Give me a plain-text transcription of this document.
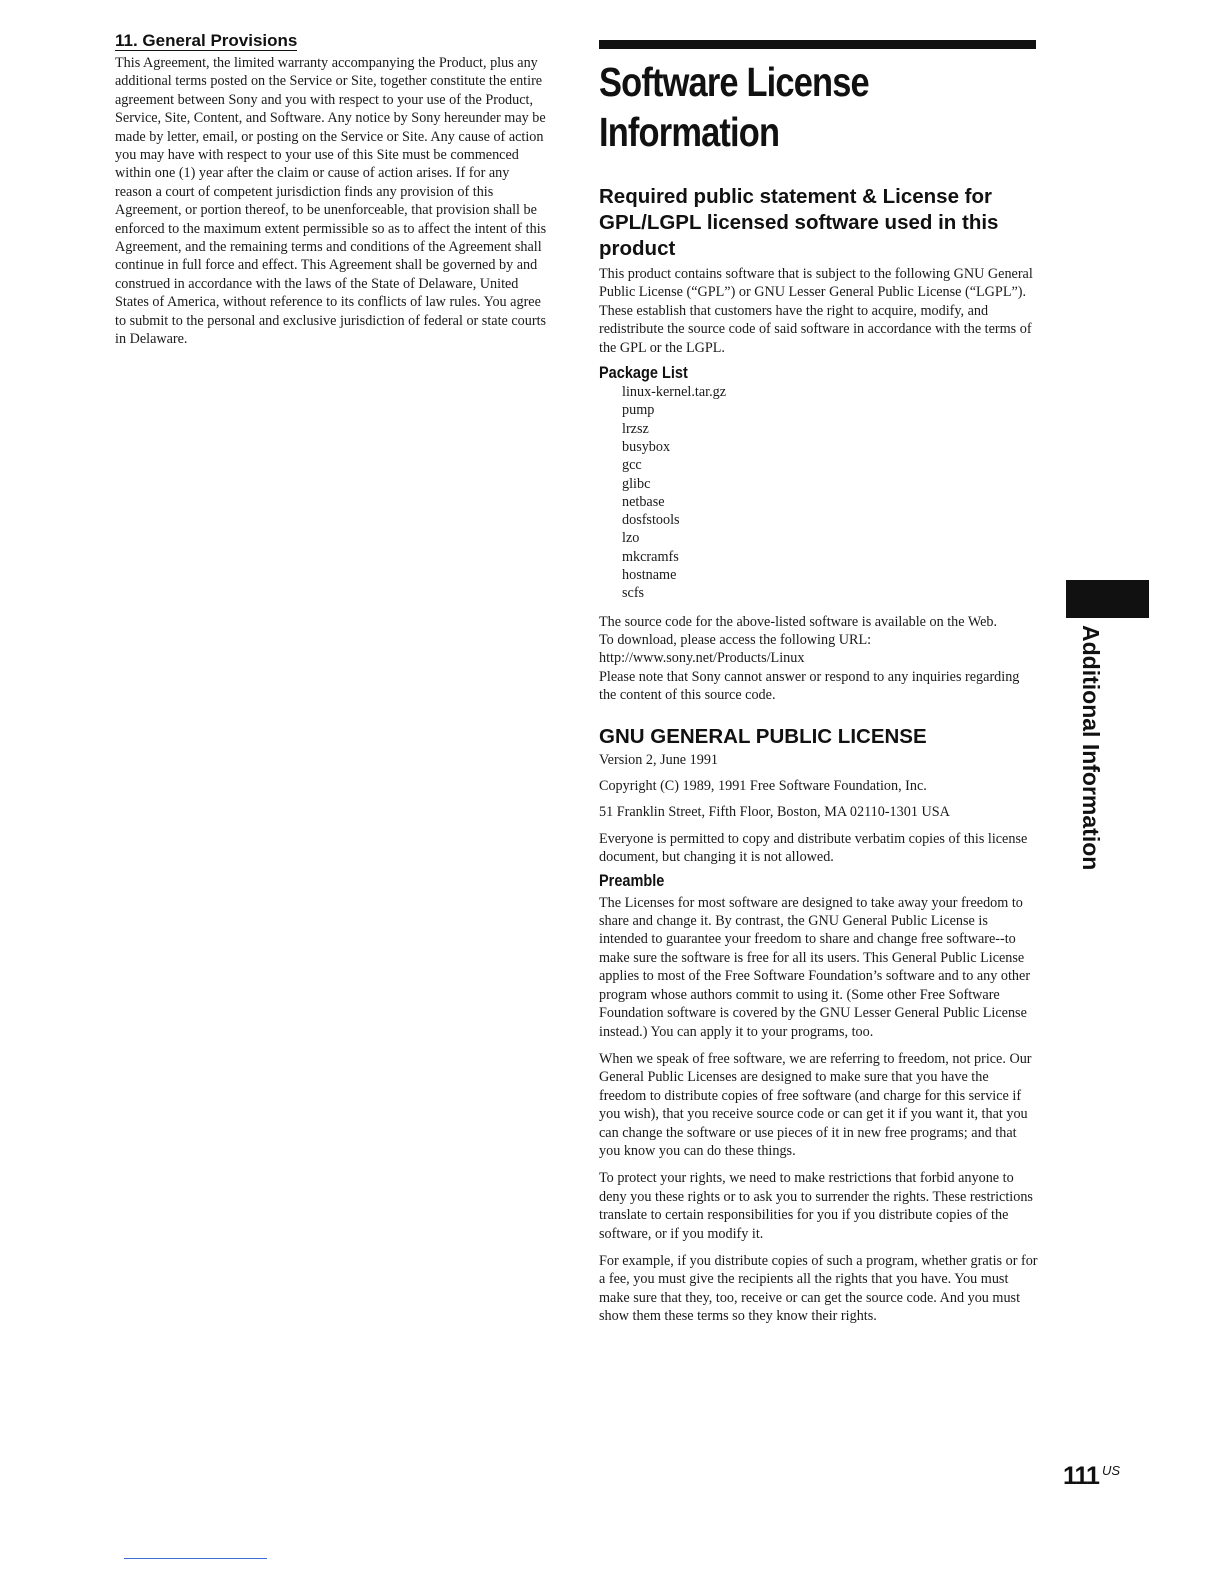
11. General Provisions

This Agreement, the limited warranty accompanying the Product, plus any additional terms posted on the Service or Site, together constitute the entire agreement between Sony and you with respect to your use of the Product, Service, Site, Content, and Software. Any notice by Sony hereunder may be made by letter, email, or posting on the Service or Site. Any cause of action you may have with respect to your use of this Site must be commenced within one (1) year after the claim or cause of action arises. If for any reason a court of competent jurisdiction finds any provision of this Agreement, or portion thereof, to be unenforceable, that provision shall be enforced to the maximum extent permissible so as to affect the intent of this Agreement, and the remaining terms and conditions of the Agreement shall continue in full force and effect. This Agreement shall be governed by and construed in accordance with the laws of the State of Delaware, United States of America, without reference to its conflicts of law rules. You agree to submit to the personal and exclusive jurisdiction of federal or state courts in Delaware.

Software License
Information
Required public statement & License for GPL/LGPL licensed software used in this product

This product contains software that is subject to the following GNU General Public License (“GPL”) or GNU Lesser General Public License (“LGPL”). These establish that customers have the right to acquire, modify, and redistribute the source code of said software in accordance with the terms of the GPL or the LGPL.

Package List
linux-kernel.tar.gz
pump
lrzsz
busybox
gcc
glibc
netbase
dosfstools
lzo
mkcramfs
hostname
scfs

The source code for the above-listed software is available on the Web.

To download, please access the following URL:

http://www.sony.net/Products/Linux

Please note that Sony cannot answer or respond to any inquiries regarding the content of this source code.

GNU GENERAL PUBLIC LICENSE

Version 2, June 1991

Copyright (C) 1989, 1991 Free Software Foundation, Inc.

51 Franklin Street, Fifth Floor, Boston, MA 02110-1301 USA

Everyone is permitted to copy and distribute verbatim copies of this license document, but changing it is not allowed.

Preamble

The Licenses for most software are designed to take away your freedom to share and change it. By contrast, the GNU General Public License is intended to guarantee your freedom to share and change free software--to make sure the software is free for all its users. This General Public License applies to most of the Free Software Foundation’s software and to any other program whose authors commit to using it. (Some other Free Software Foundation software is covered by the GNU Lesser General Public License instead.) You can apply it to your programs, too.

When we speak of free software, we are referring to freedom, not price. Our General Public Licenses are designed to make sure that you have the freedom to distribute copies of free software (and charge for this service if you wish), that you receive source code or can get it if you want it, that you can change the software or use pieces of it in new free programs; and that you know you can do these things.

To protect your rights, we need to make restrictions that forbid anyone to deny you these rights or to ask you to surrender the rights. These restrictions translate to certain responsibilities for you if you distribute copies of the software, or if you modify it.

For example, if you distribute copies of such a program, whether gratis or for a fee, you must give the recipients all the rights that you have. You must make sure that they, too, receive or can get the source code. And you must show them these terms so they know their rights.

Additional Information
111 $^{US}$
